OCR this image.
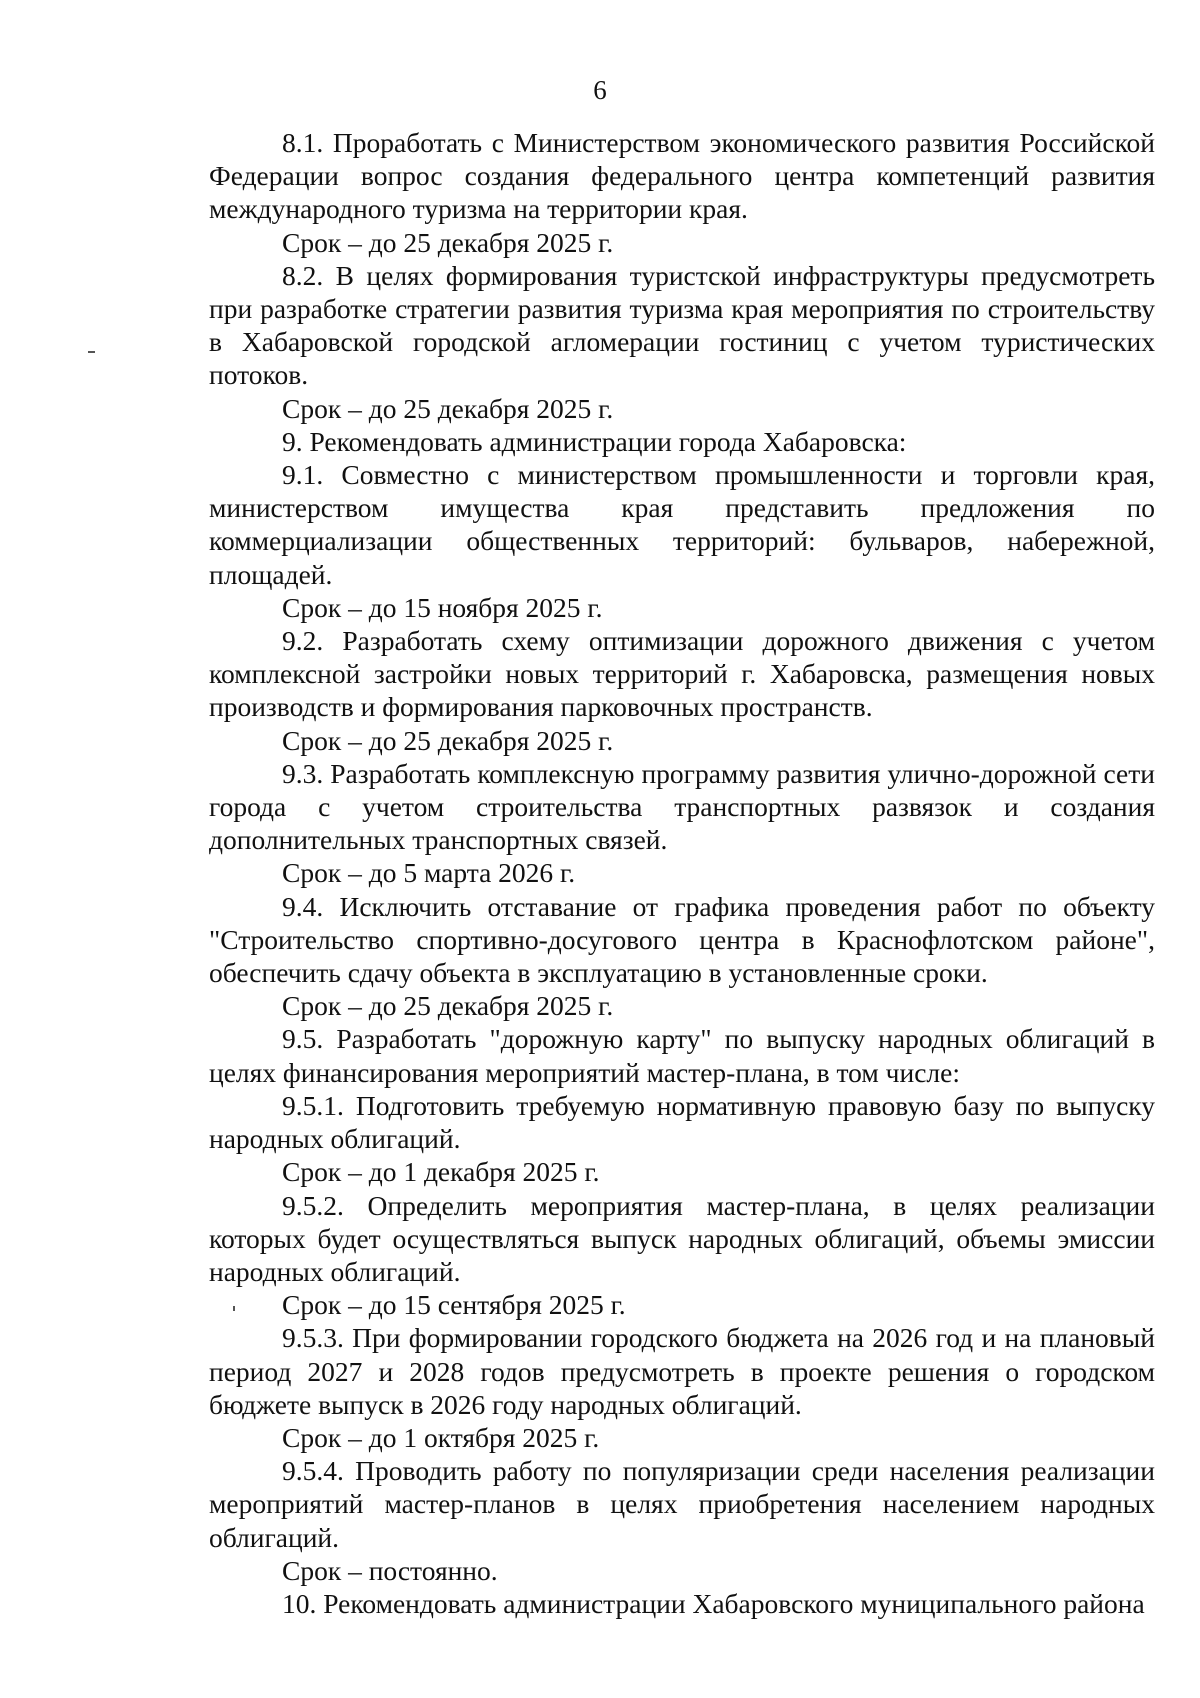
6

8.1. Проработать с Министерством экономического развития Российской Федерации вопрос создания федерального центра компетенций развития международного туризма на территории края.

Срок – до 25 декабря 2025 г.

8.2. В целях формирования туристской инфраструктуры предусмотреть при разработке стратегии развития туризма края мероприятия по строительству в Хабаровской городской агломерации гостиниц с учетом туристических потоков.

Срок – до 25 декабря 2025 г.

9. Рекомендовать администрации города Хабаровска:

9.1. Совместно с министерством промышленности и торговли края, министерством имущества края представить предложения по коммерциализации общественных территорий: бульваров, набережной, площадей.

Срок – до 15 ноября 2025 г.

9.2. Разработать схему оптимизации дорожного движения с учетом комплексной застройки новых территорий г. Хабаровска, размещения новых производств и формирования парковочных пространств.

Срок – до 25 декабря 2025 г.

9.3. Разработать комплексную программу развития улично-дорожной сети города с учетом строительства транспортных развязок и создания дополнительных транспортных связей.

Срок – до 5 марта 2026 г.

9.4. Исключить отставание от графика проведения работ по объекту "Строительство спортивно-досугового центра в Краснофлотском районе", обеспечить сдачу объекта в эксплуатацию в установленные сроки.

Срок – до 25 декабря 2025 г.

9.5. Разработать "дорожную карту" по выпуску народных облигаций в целях финансирования мероприятий мастер-плана, в том числе:

9.5.1. Подготовить требуемую нормативную правовую базу по выпуску народных облигаций.

Срок – до 1 декабря 2025 г.

9.5.2. Определить мероприятия мастер-плана, в целях реализации которых будет осуществляться выпуск народных облигаций, объемы эмиссии народных облигаций.

Срок – до 15 сентября 2025 г.

9.5.3. При формировании городского бюджета на 2026 год и на плановый период 2027 и 2028 годов предусмотреть в проекте решения о городском бюджете выпуск в 2026 году народных облигаций.

Срок – до 1 октября 2025 г.

9.5.4. Проводить работу по популяризации среди населения реализации мероприятий мастер-планов в целях приобретения населением народных облигаций.

Срок – постоянно.

10. Рекомендовать администрации Хабаровского муниципального района
